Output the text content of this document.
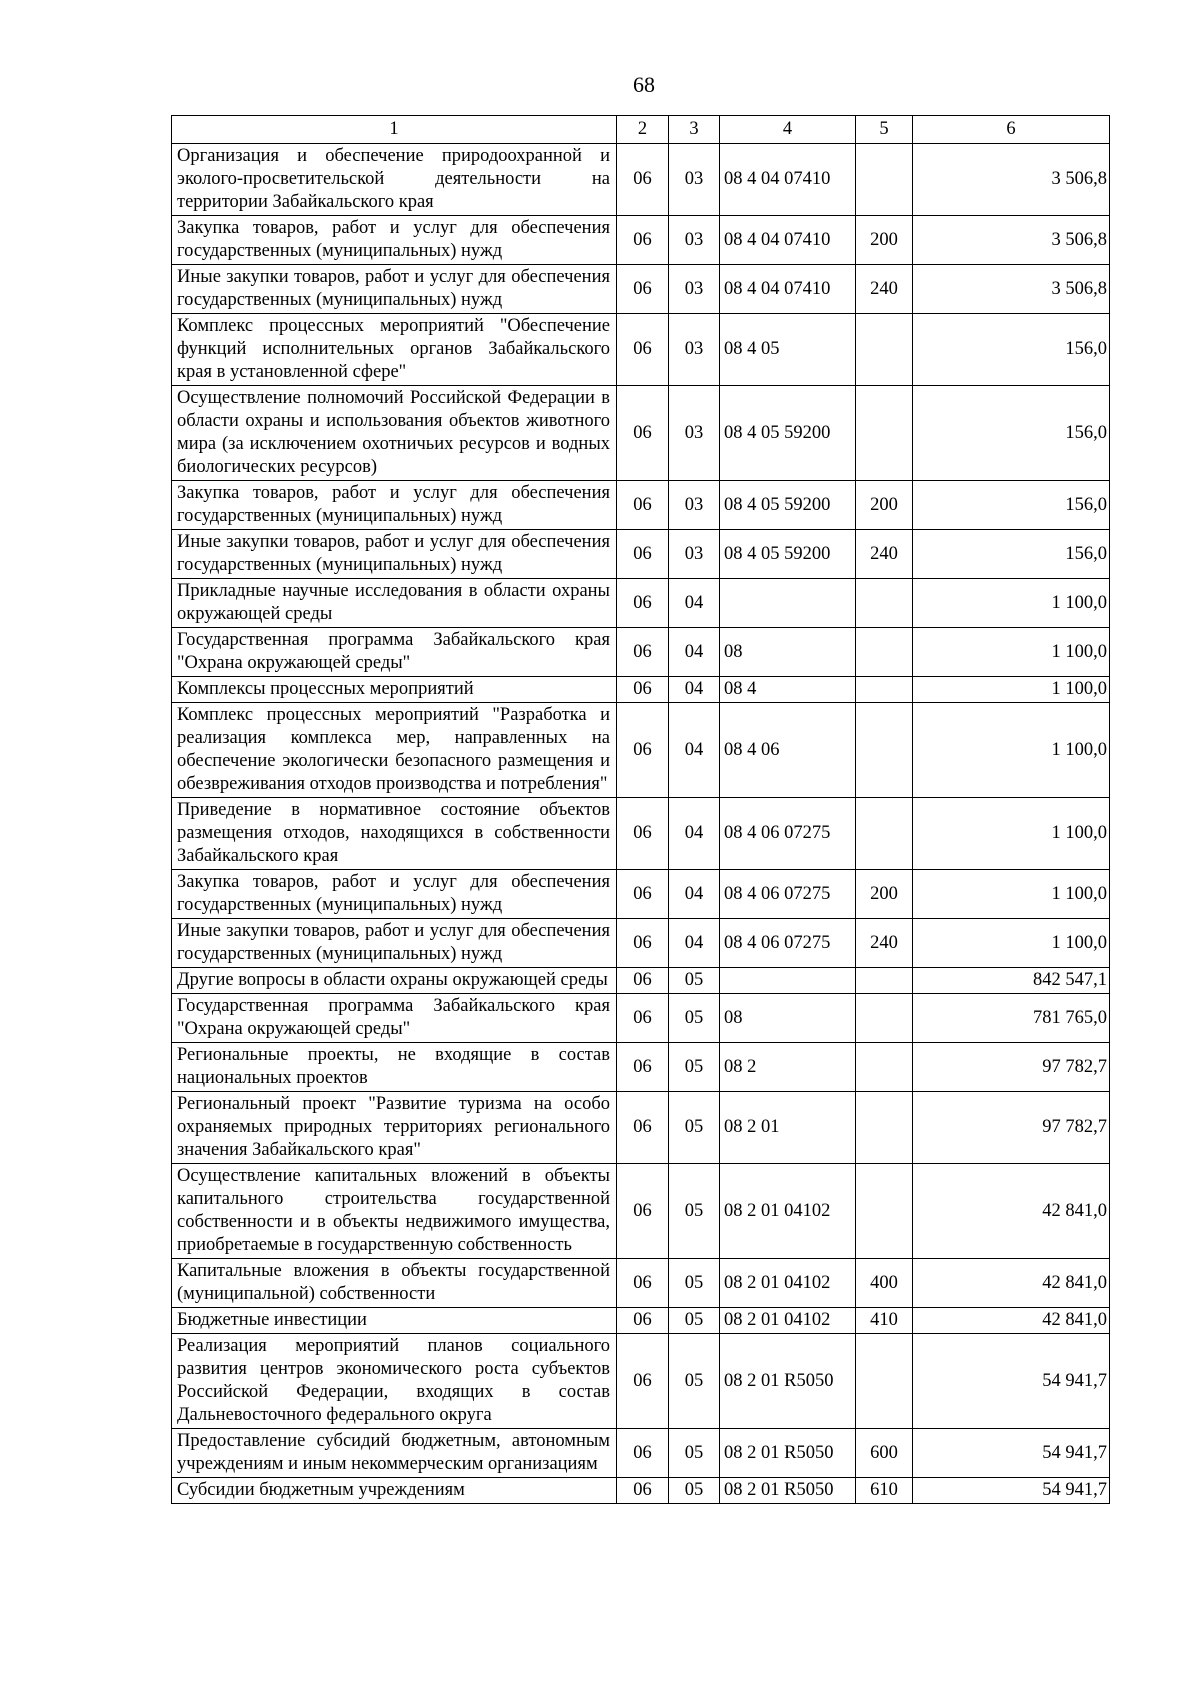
68
1	2	3	4	5	6
Организация и обеспечение природоохранной и эколого-просветительской деятельности на территории Забайкальского края	06	03	08 4 04 07410		3 506,8
Закупка товаров, работ и услуг для обеспечения государственных (муниципальных) нужд	06	03	08 4 04 07410	200	3 506,8
Иные закупки товаров, работ и услуг для обеспечения государственных (муниципальных) нужд	06	03	08 4 04 07410	240	3 506,8
Комплекс процессных мероприятий "Обеспечение функций исполнительных органов Забайкальского края в установленной сфере"	06	03	08 4 05		156,0
Осуществление полномочий Российской Федерации в области охраны и использования объектов животного мира (за исключением охотничьих ресурсов и водных биологических ресурсов)	06	03	08 4 05 59200		156,0
Закупка товаров, работ и услуг для обеспечения государственных (муниципальных) нужд	06	03	08 4 05 59200	200	156,0
Иные закупки товаров, работ и услуг для обеспечения государственных (муниципальных) нужд	06	03	08 4 05 59200	240	156,0
Прикладные научные исследования в области охраны окружающей среды	06	04			1 100,0
Государственная программа Забайкальского края "Охрана окружающей среды"	06	04	08		1 100,0
Комплексы процессных мероприятий	06	04	08 4		1 100,0
Комплекс процессных мероприятий "Разработка и реализация комплекса мер, направленных на обеспечение экологически безопасного размещения и обезвреживания отходов производства и потребления"	06	04	08 4 06		1 100,0
Приведение в нормативное состояние объектов размещения отходов, находящихся в собственности Забайкальского края	06	04	08 4 06 07275		1 100,0
Закупка товаров, работ и услуг для обеспечения государственных (муниципальных) нужд	06	04	08 4 06 07275	200	1 100,0
Иные закупки товаров, работ и услуг для обеспечения государственных (муниципальных) нужд	06	04	08 4 06 07275	240	1 100,0
Другие вопросы в области охраны окружающей среды	06	05			842 547,1
Государственная программа Забайкальского края "Охрана окружающей среды"	06	05	08		781 765,0
Региональные проекты, не входящие в состав национальных проектов	06	05	08 2		97 782,7
Региональный проект "Развитие туризма на особо охраняемых природных территориях регионального значения Забайкальского края"	06	05	08 2 01		97 782,7
Осуществление капитальных вложений в объекты капитального строительства государственной собственности и в объекты недвижимого имущества, приобретаемые в государственную собственность	06	05	08 2 01 04102		42 841,0
Капитальные вложения в объекты государственной (муниципальной) собственности	06	05	08 2 01 04102	400	42 841,0
Бюджетные инвестиции	06	05	08 2 01 04102	410	42 841,0
Реализация мероприятий планов социального развития центров экономического роста субъектов Российской Федерации, входящих в состав Дальневосточного федерального округа	06	05	08 2 01 R5050		54 941,7
Предоставление субсидий бюджетным, автономным учреждениям и иным некоммерческим организациям	06	05	08 2 01 R5050	600	54 941,7
Субсидии бюджетным учреждениям	06	05	08 2 01 R5050	610	54 941,7
